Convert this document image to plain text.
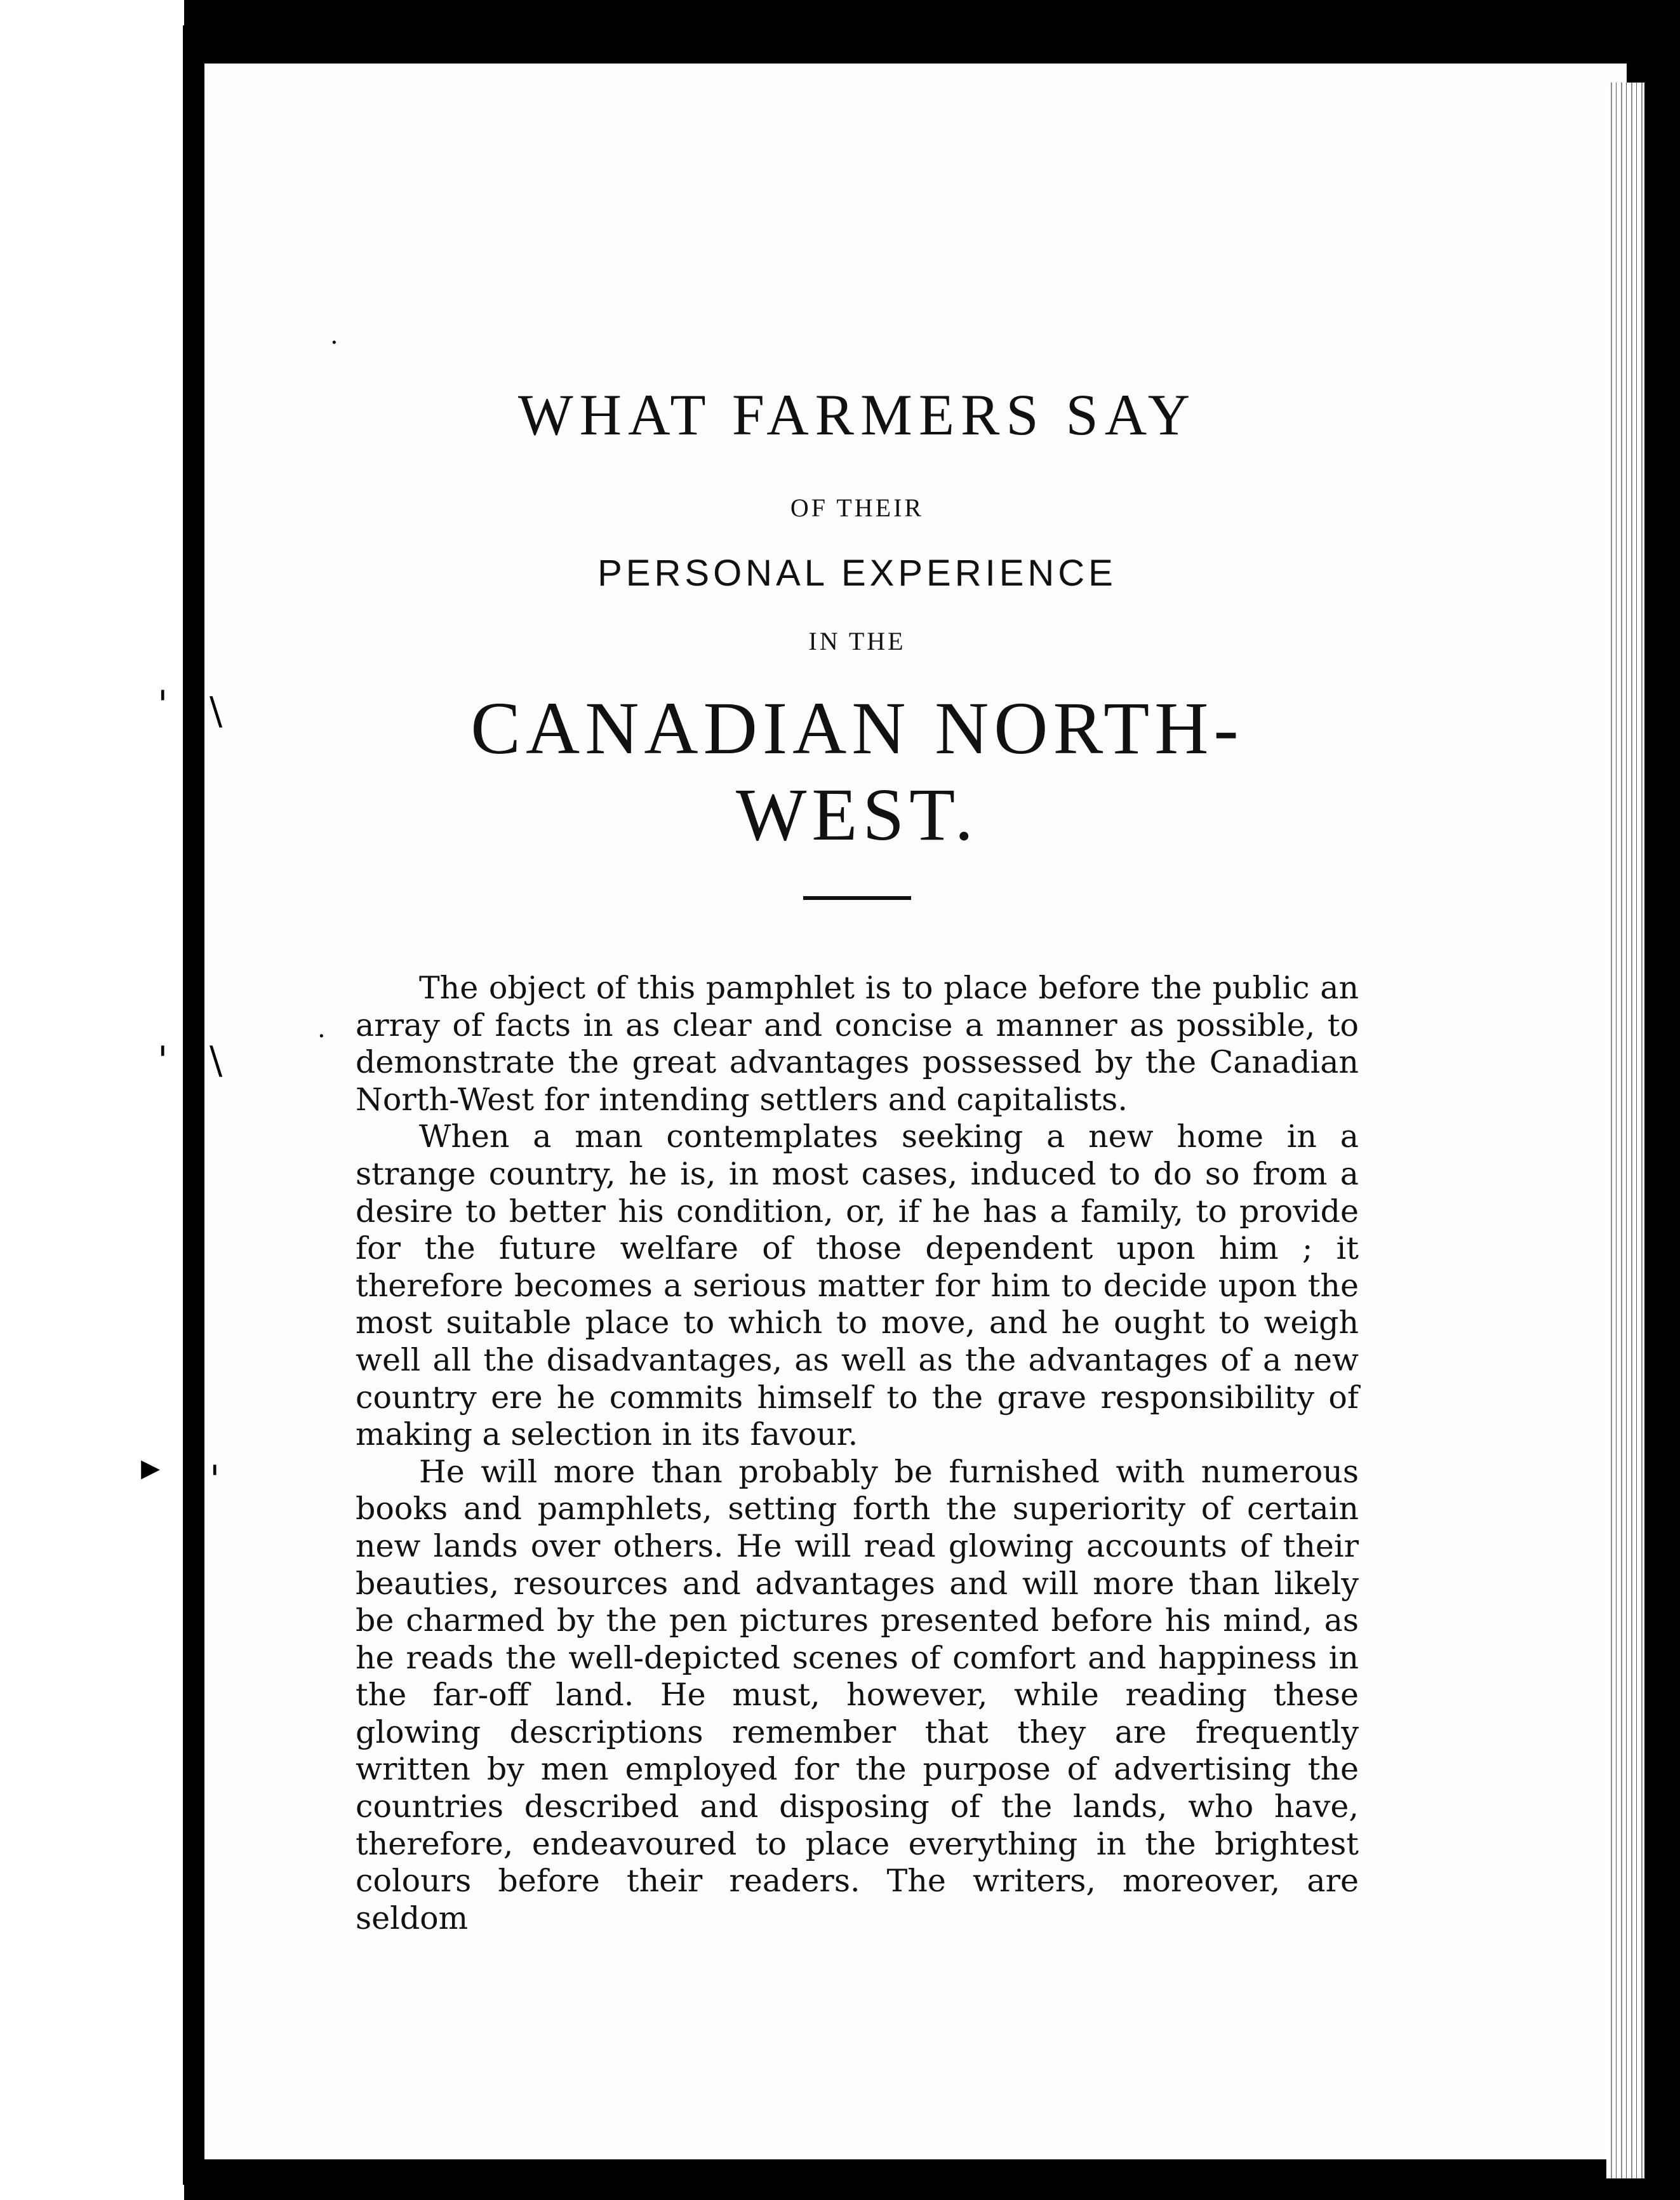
·
' \
' \
.
▸ '
WHAT FARMERS SAY
OF THEIR
PERSONAL EXPERIENCE
IN THE
CANADIAN NORTH-WEST.

The object of this pamphlet is to place before the public an array of facts in as clear and concise a manner as possible, to demonstrate the great advantages possessed by the Canadian North-West for intending settlers and capitalists.

When a man contemplates seeking a new home in a strange country, he is, in most cases, induced to do so from a desire to better his condition, or, if he has a family, to provide for the future welfare of those dependent upon him ; it therefore becomes a serious matter for him to decide upon the most suitable place to which to move, and he ought to weigh well all the disadvantages, as well as the advantages of a new country ere he commits himself to the grave responsibility of making a selection in its favour.

He will more than probably be furnished with numerous books and pamphlets, setting forth the superiority of certain new lands over others. He will read glowing accounts of their beauties, resources and advantages and will more than likely be charmed by the pen pictures presented before his mind, as he reads the well-depicted scenes of comfort and happiness in the far-off land. He must, however, while reading these glowing descriptions remember that they are frequently written by men employed for the purpose of advertising the countries described and disposing of the lands, who have, therefore, endeavoured to place everything in the brightest colours before their readers. The writers, moreover, are seldom
